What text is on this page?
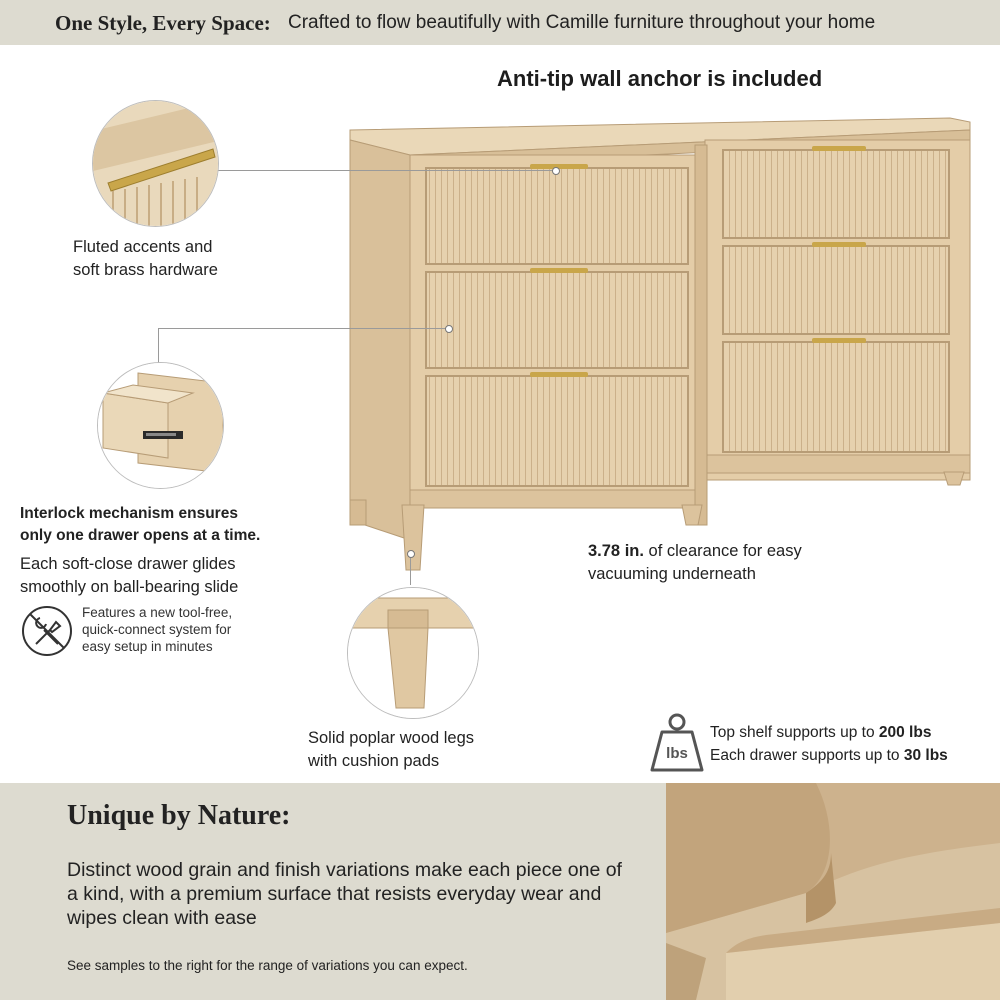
One Style, Every Space: Crafted to flow beautifully with Camille furniture throughout your home
Anti-tip wall anchor is included
Fluted accents and
soft brass hardware
Interlock mechanism ensures
only one drawer opens at a time.
Each soft-close drawer glides
smoothly on ball-bearing slide
Features a new tool-free,
quick-connect system for
easy setup in minutes
3.78 in. of clearance for easy
vacuuming underneath
Solid poplar wood legs
with cushion pads	lbs
Top shelf supports up to 200 lbs
Each drawer supports up to 30 lbs
Unique by Nature:
Distinct wood grain and finish variations make each piece one of a kind, with a premium surface that resists everyday wear and wipes clean with ease
See samples to the right for the range of variations you can expect.
